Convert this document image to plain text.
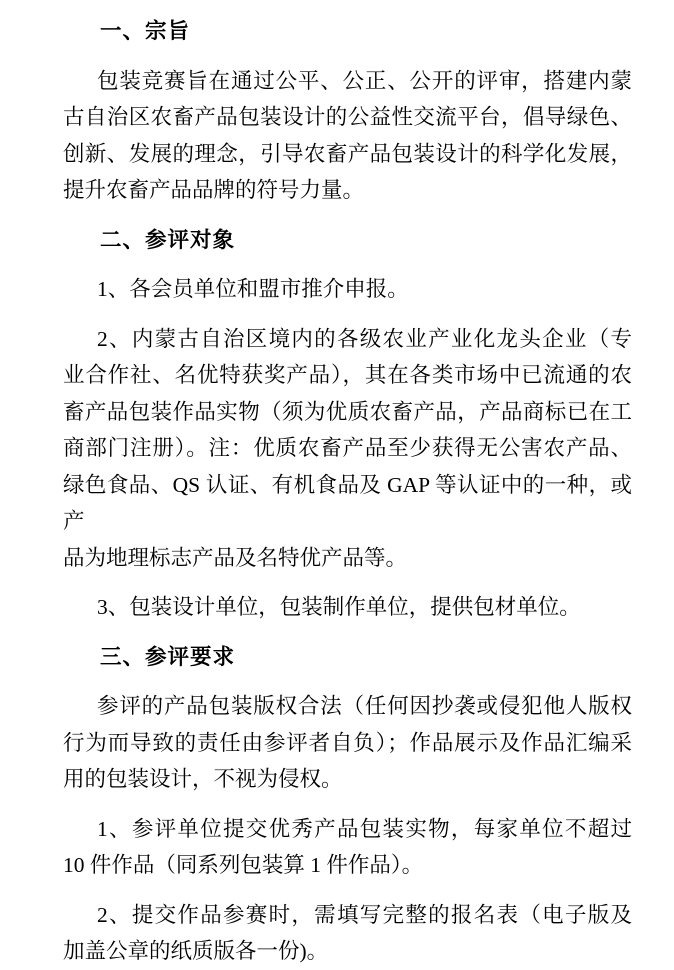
一、宗旨
包装竞赛旨在通过公平、公正、公开的评审，搭建内蒙
古自治区农畜产品包装设计的公益性交流平台，倡导绿色、
创新、发展的理念，引导农畜产品包装设计的科学化发展，
提升农畜产品品牌的符号力量。
二、参评对象
1、各会员单位和盟市推介申报。
2、内蒙古自治区境内的各级农业产业化龙头企业（专
业合作社、名优特获奖产品），其在各类市场中已流通的农
畜产品包装作品实物（须为优质农畜产品，产品商标已在工
商部门注册）。注：优质农畜产品至少获得无公害农产品、
绿色食品、QS 认证、有机食品及 GAP 等认证中的一种，或产
品为地理标志产品及名特优产品等。
3、包装设计单位，包装制作单位，提供包材单位。
三、参评要求
参评的产品包装版权合法（任何因抄袭或侵犯他人版权
行为而导致的责任由参评者自负）；作品展示及作品汇编采
用的包装设计，不视为侵权。
1、参评单位提交优秀产品包装实物，每家单位不超过
10 件作品（同系列包装算 1 件作品）。
2、提交作品参赛时，需填写完整的报名表（电子版及
加盖公章的纸质版各一份)。
